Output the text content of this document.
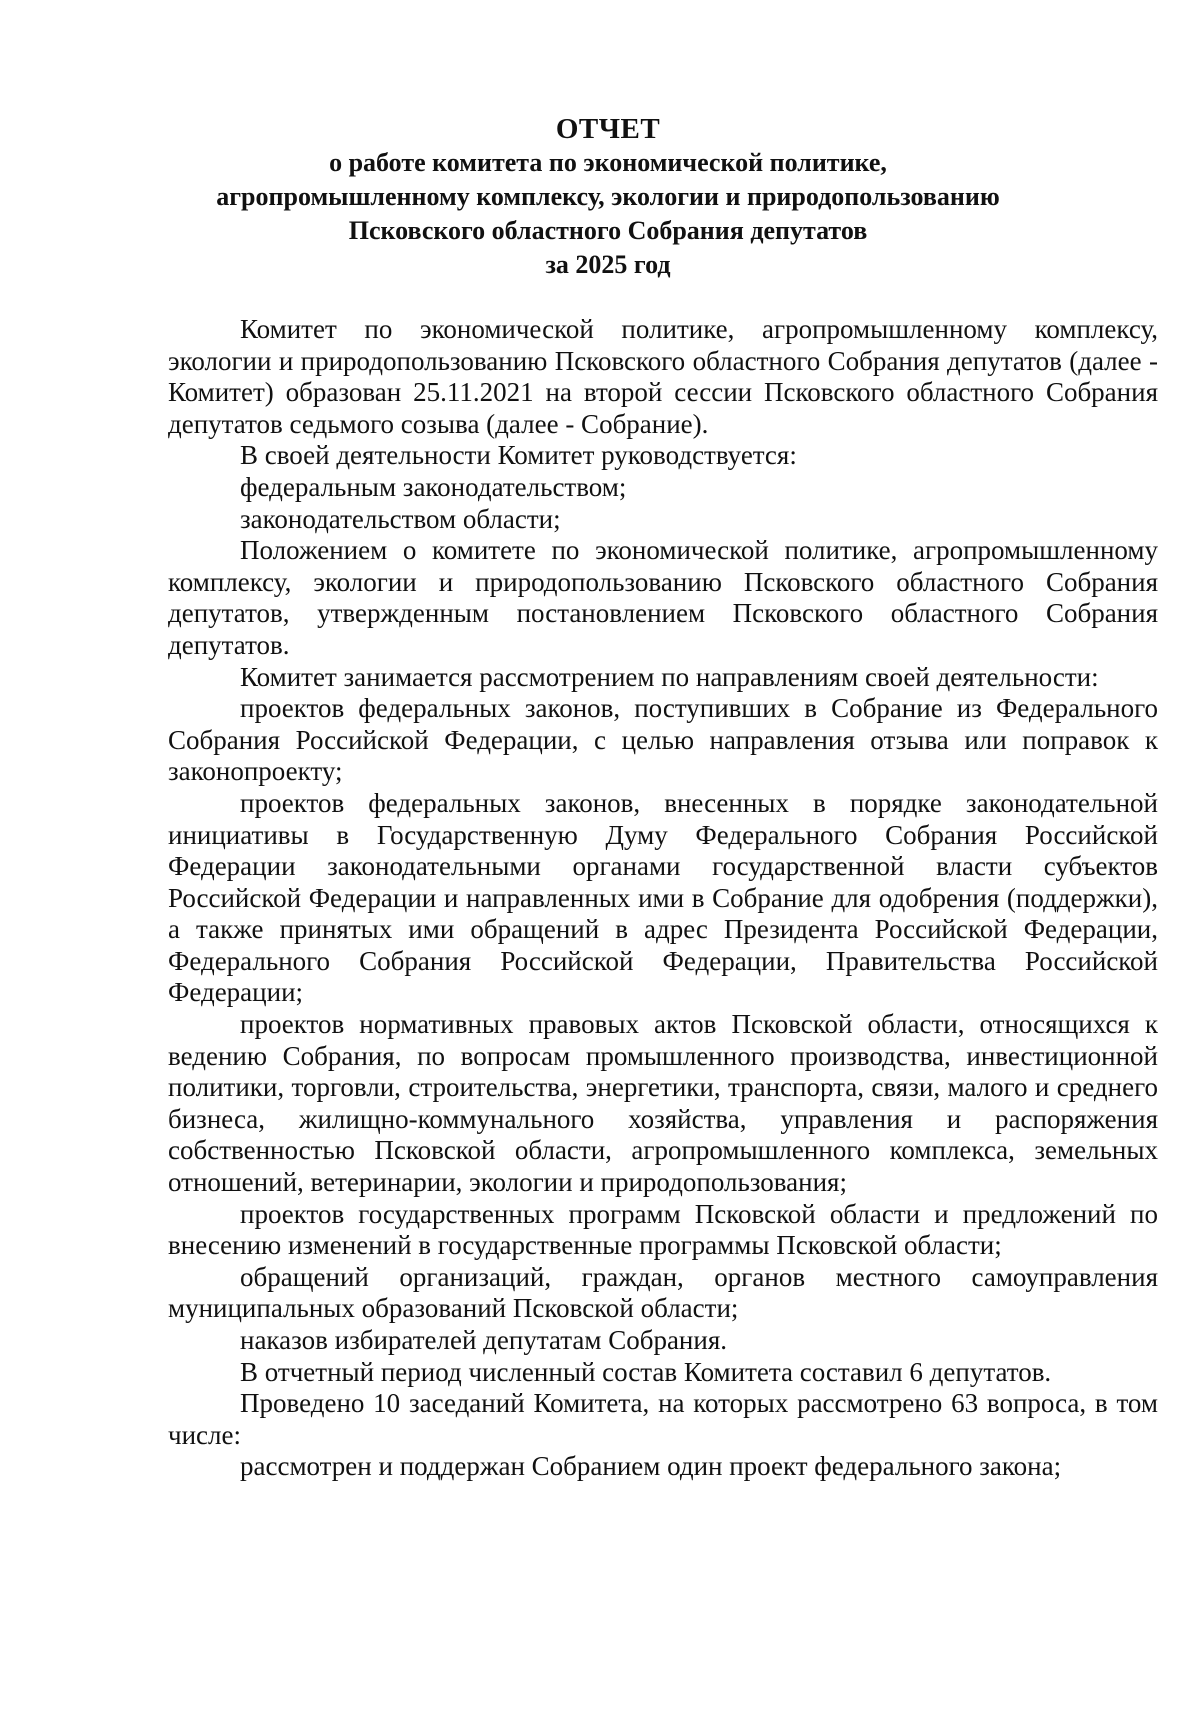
ОТЧЕТ
о работе комитета по экономической политике,
агропромышленному комплексу, экологии и природопользованию
Псковского областного Собрания депутатов
за 2025 год

Комитет по экономической политике, агропромышленному комплексу, экологии и природопользованию Псковского областного Собрания депутатов (далее - Комитет) образован 25.11.2021 на второй сессии Псковского областного Собрания депутатов седьмого созыва (далее - Собрание).

В своей деятельности Комитет руководствуется:

федеральным законодательством;

законодательством области;

Положением о комитете по экономической политике, агропромышленному комплексу, экологии и природопользованию Псковского областного Собрания депутатов, утвержденным постановлением Псковского областного Собрания депутатов.

Комитет занимается рассмотрением по направлениям своей деятельности:

проектов федеральных законов, поступивших в Собрание из Федерального Собрания Российской Федерации, с целью направления отзыва или поправок к законопроекту;

проектов федеральных законов, внесенных в порядке законодательной инициативы в Государственную Думу Федерального Собрания Российской Федерации законодательными органами государственной власти субъектов Российской Федерации и направленных ими в Собрание для одобрения (поддержки), а также принятых ими обращений в адрес Президента Российской Федерации, Федерального Собрания Российской Федерации, Правительства Российской Федерации;

проектов нормативных правовых актов Псковской области, относящихся к ведению Собрания, по вопросам промышленного производства, инвестиционной политики, торговли, строительства, энергетики, транспорта, связи, малого и среднего бизнеса, жилищно-коммунального хозяйства, управления и распоряжения собственностью Псковской области, агропромышленного комплекса, земельных отношений, ветеринарии, экологии и природопользования;

проектов государственных программ Псковской области и предложений по внесению изменений в государственные программы Псковской области;

обращений организаций, граждан, органов местного самоуправления муниципальных образований Псковской области;

наказов избирателей депутатам Собрания.

В отчетный период численный состав Комитета составил 6 депутатов.

Проведено 10 заседаний Комитета, на которых рассмотрено 63 вопроса, в том числе:

рассмотрен и поддержан Собранием один проект федерального закона;
